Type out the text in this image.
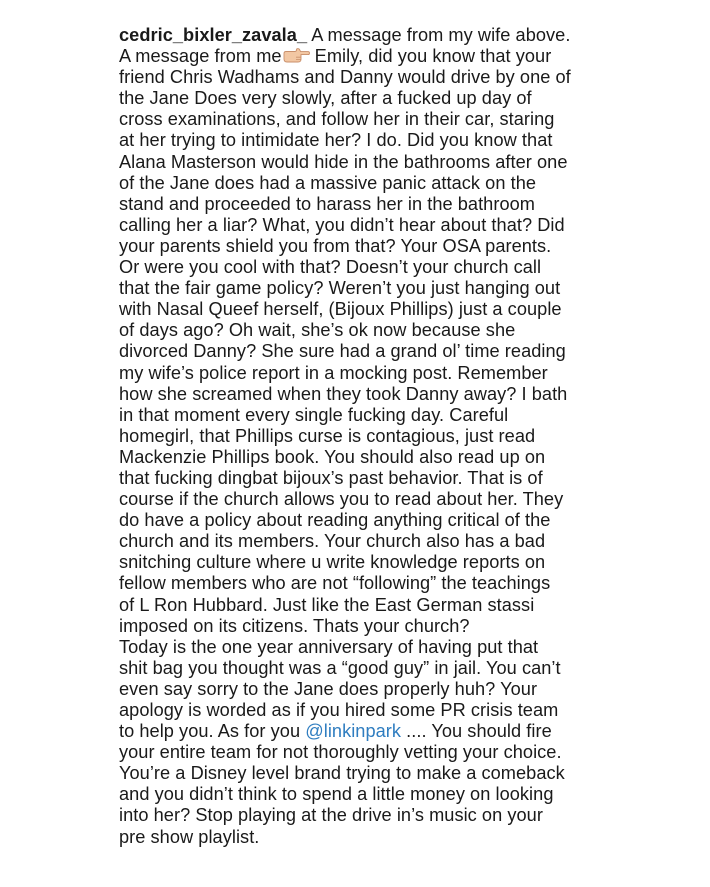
cedric_bixler_zavala_ A message from my wife above.
A message from me Emily, did you know that your
friend Chris Wadhams and Danny would drive by one of
the Jane Does very slowly, after a fucked up day of
cross examinations, and follow her in their car, staring
at her trying to intimidate her? I do. Did you know that
Alana Masterson would hide in the bathrooms after one
of the Jane does had a massive panic attack on the
stand and proceeded to harass her in the bathroom
calling her a liar? What, you didn’t hear about that? Did
your parents shield you from that? Your OSA parents.
Or were you cool with that? Doesn’t your church call
that the fair game policy? Weren’t you just hanging out
with Nasal Queef herself, (Bijoux Phillips) just a couple
of days ago? Oh wait, she’s ok now because she
divorced Danny? She sure had a grand ol’ time reading
my wife’s police report in a mocking post. Remember
how she screamed when they took Danny away? I bath
in that moment every single fucking day. Careful
homegirl, that Phillips curse is contagious, just read
Mackenzie Phillips book. You should also read up on
that fucking dingbat bijoux’s past behavior. That is of
course if the church allows you to read about her. They
do have a policy about reading anything critical of the
church and its members. Your church also has a bad
snitching culture where u write knowledge reports on
fellow members who are not “following” the teachings
of L Ron Hubbard. Just like the East German stassi
imposed on its citizens. Thats your church?
Today is the one year anniversary of having put that
shit bag you thought was a “good guy” in jail. You can’t
even say sorry to the Jane does properly huh? Your
apology is worded as if you hired some PR crisis team
to help you. As for you @linkinpark .... You should fire
your entire team for not thoroughly vetting your choice.
You’re a Disney level brand trying to make a comeback
and you didn’t think to spend a little money on looking
into her? Stop playing at the drive in’s music on your
pre show playlist.
